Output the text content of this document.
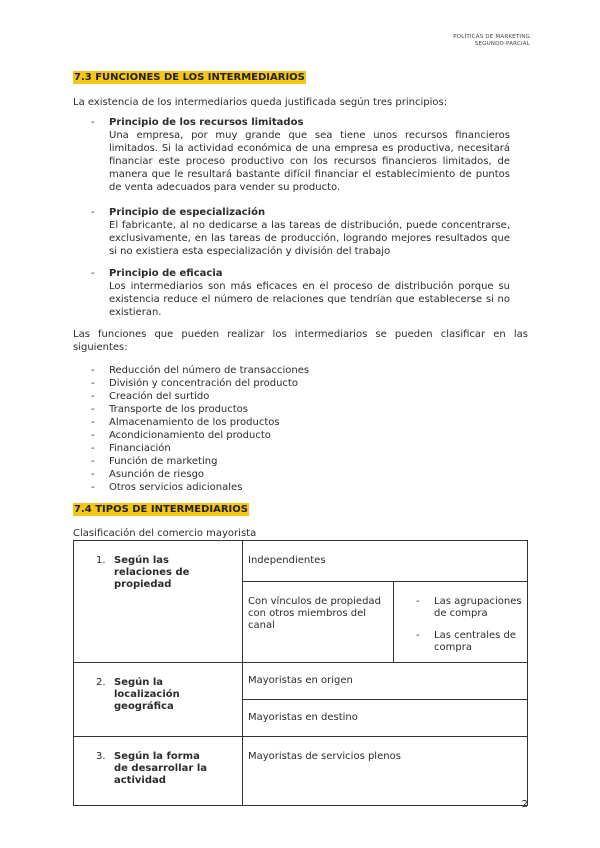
POLÍTICAS DE MARKETING
SEGUNDO PARCIAL
7.3 FUNCIONES DE LOS INTERMEDIARIOS
La existencia de los intermediarios queda justificada según tres principios:
- Principio de los recursos limitados
Una empresa, por muy grande que sea tiene unos recursos financieros limitados. Si la actividad económica de una empresa es productiva, necesitará financiar este proceso productivo con los recursos financieros limitados, de manera que le resultará bastante difícil financiar el establecimiento de puntos de venta adecuados para vender su producto.
- Principio de especialización
El fabricante, al no dedicarse a las tareas de distribución, puede concentrarse, exclusivamente, en las tareas de producción, logrando mejores resultados que si no existiera esta especialización y división del trabajo
- Principio de eficacia
Los intermediarios son más eficaces en el proceso de distribución porque su existencia reduce el número de relaciones que tendrían que establecerse si no existieran.
Las funciones que pueden realizar los intermediarios se pueden clasificar en las siguientes:
- Reducción del número de transacciones
- División y concentración del producto
- Creación del surtido
- Transporte de los productos
- Almacenamiento de los productos
- Acondicionamiento del producto
- Financiación
- Función de marketing
- Asunción de riesgo
- Otros servicios adicionales
7.4 TIPOS DE INTERMEDIARIOS
Clasificación del comercio mayorista
1. Según las relaciones de propiedad	Independientes	
	Con vínculos de propiedad con otros miembros del canal	- Las agrupaciones de compra
- Las centrales de compra

2. Según la localización geográfica	Mayoristas en origen	
	Mayoristas en destino	
3. Según la forma de desarrollar la actividad	Mayoristas de servicios plenos	
2
